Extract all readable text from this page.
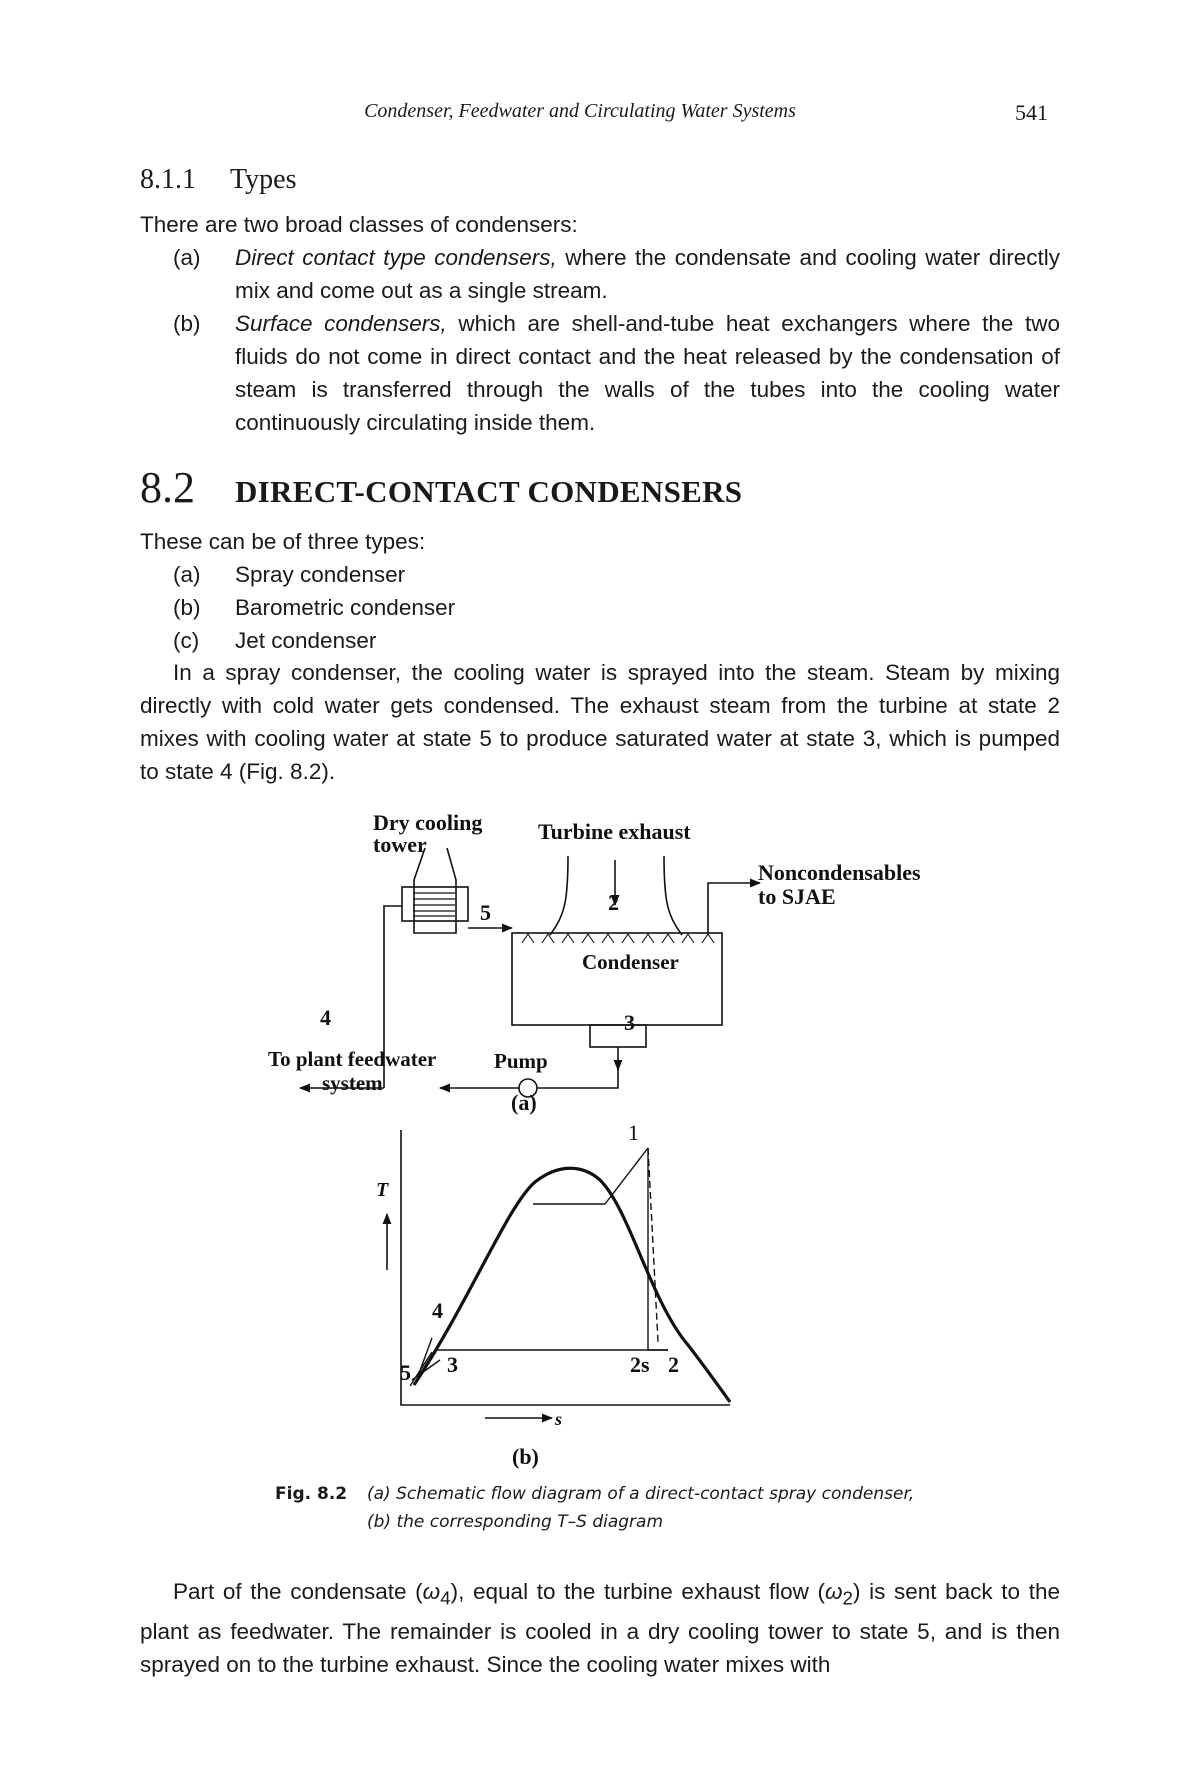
Condenser, Feedwater and Circulating Water Systems	541
8.1.1 Types
There are two broad classes of condensers:
(a) Direct contact type condensers, where the condensate and cooling water directly mix and come out as a single stream.
(b) Surface condensers, which are shell-and-tube heat exchangers where the two fluids do not come in direct contact and the heat released by the condensation of steam is transferred through the walls of the tubes into the cooling water continuously circulating inside them.
8.2 DIRECT-CONTACT CONDENSERS
These can be of three types:
(a) Spray condenser
(b) Barometric condenser
(c) Jet condenser
In a spray condenser, the cooling water is sprayed into the steam. Steam by mixing directly with cold water gets condensed. The exhaust steam from the turbine at state 2 mixes with cooling water at state 5 to produce saturated water at state 3, which is pumped to state 4 (Fig. 8.2).
Dry cooling
tower
Turbine exhaust
Noncondensables
to SJAE
Condenser
Pump
To plant feedwater
system
2
5
3
4
(a)
T
s
1
4
5 3	2s 2
(b)
Fig. 8.2 (a) Schematic flow diagram of a direct-contact spray condenser,
(b) the corresponding T–S diagram
Part of the condensate $(\omega_4)$, equal to the turbine exhaust flow $(\omega_2)$ is sent back to the plant as feedwater. The remainder is cooled in a dry cooling tower to state 5, and is then sprayed on to the turbine exhaust. Since the cooling water mixes with
